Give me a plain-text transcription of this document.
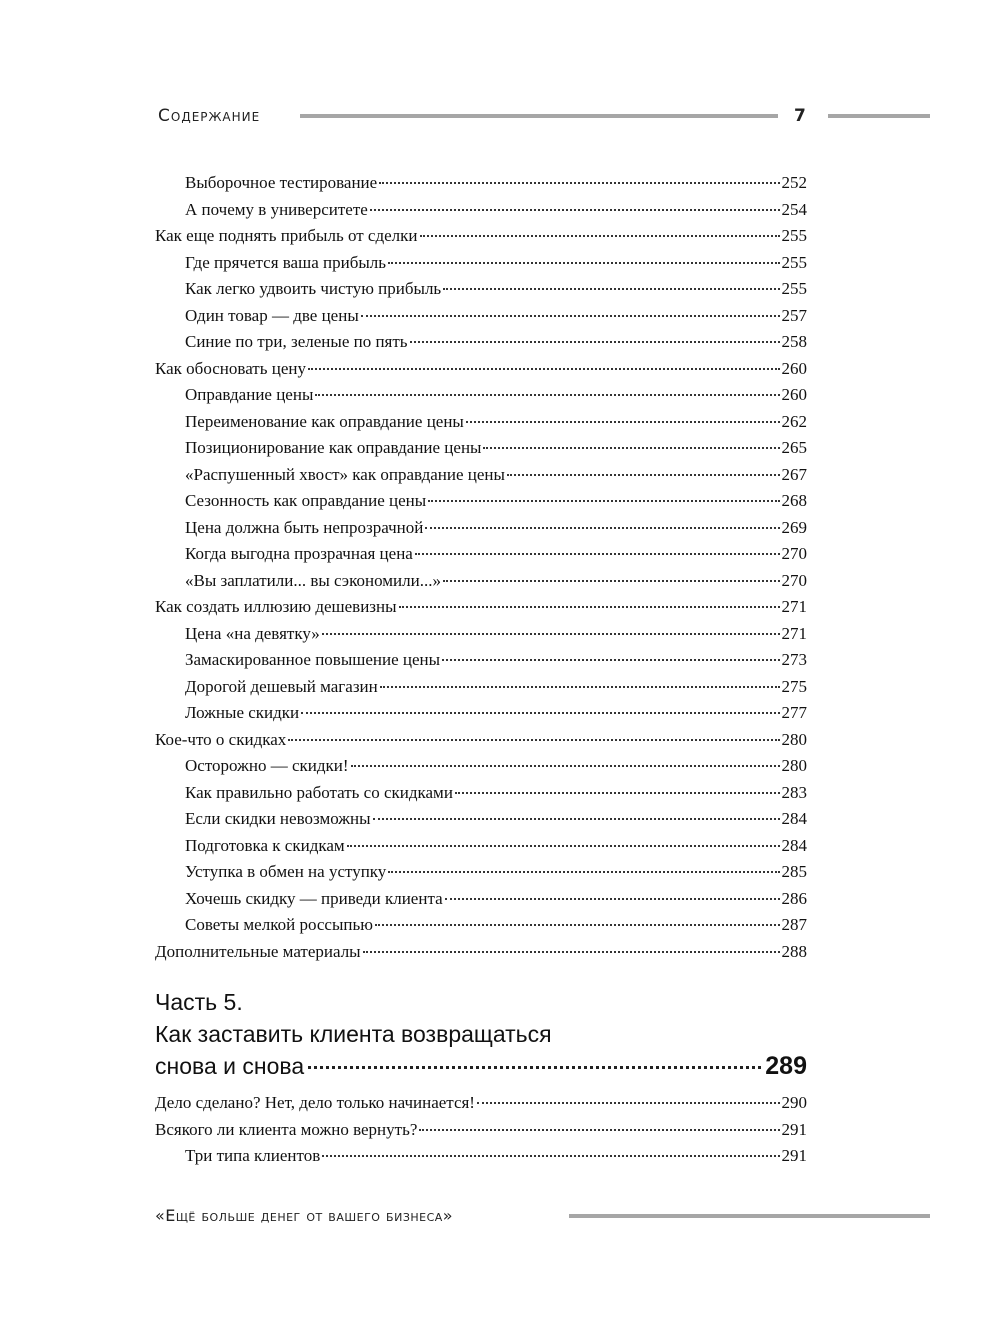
Содержание	7
Выборочное тестирование	252
А почему в университете	254
Как еще поднять прибыль от сделки	255
Где прячется ваша прибыль	255
Как легко удвоить чистую прибыль	255
Один товар — две цены	257
Синие по три, зеленые по пять	258
Как обосновать цену	260
Оправдание цены	260
Переименование как оправдание цены	262
Позиционирование как оправдание цены	265
«Распушенный хвост» как оправдание цены	267
Сезонность как оправдание цены	268
Цена должна быть непрозрачной	269
Когда выгодна прозрачная цена	270
«Вы заплатили... вы сэкономили...»	270
Как создать иллюзию дешевизны	271
Цена «на девятку»	271
Замаскированное повышение цены	273
Дорогой дешевый магазин	275
Ложные скидки	277
Кое-что о скидках	280
Осторожно — скидки!	280
Как правильно работать со скидками	283
Если скидки невозможны	284
Подготовка к скидкам	284
Уступка в обмен на уступку	285
Хочешь скидку — приведи клиента	286
Советы мелкой россыпью	287
Дополнительные материалы	288
Часть 5.
Как заставить клиента возвращаться
снова и снова	289
Дело сделано? Нет, дело только начинается!	290
Всякого ли клиента можно вернуть?	291
Три типа клиентов	291
«Ещё больше денег от вашего бизнеса»
